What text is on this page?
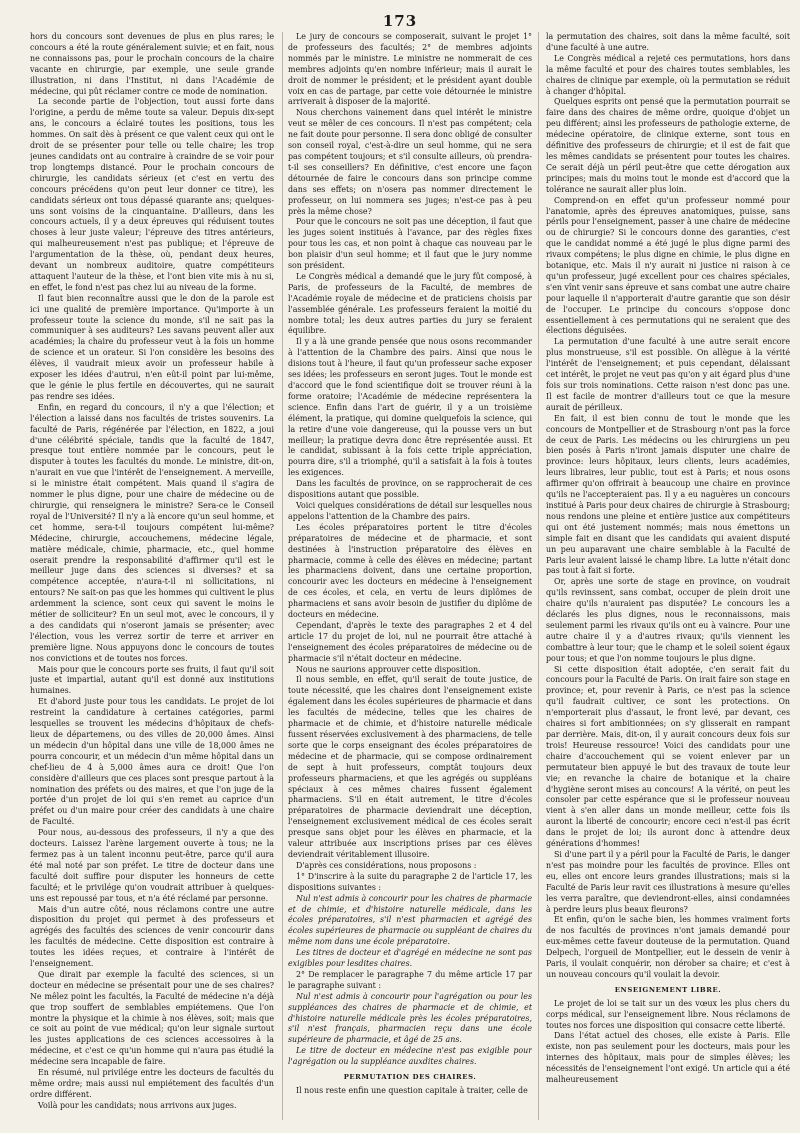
173

hors du concours sont devenues de plus en plus rares; le concours a été la route généralement suivie; et en fait, nous ne connaissons pas, pour le prochain concours de la chaire vacante en chirurgie, par exemple, une seule grande illustration, ni dans l'Institut, ni dans l'Académie de médecine, qui pût réclamer contre ce mode de nomination.

La seconde partie de l'objection, tout aussi forte dans l'origine, a perdu de même toute sa valeur. Depuis dix-sept ans, le concours a éclairé toutes les positions, tous les hommes. On sait dès à présent ce que valent ceux qui ont le droit de se présenter pour telle ou telle chaire; les trop jeunes candidats ont au contraire à craindre de se voir pour trop longtemps distancé. Pour le prochain concours de chirurgie, les candidats sérieux (et c'est en vertu des concours précédens qu'on peut leur donner ce titre), les candidats sérieux ont tous dépassé quarante ans; quelques-uns sont voisins de la cinquantaine. D'ailleurs, dans les concours actuels, il y a deux épreuves qui réduisent toutes choses à leur juste valeur; l'épreuve des titres antérieurs, qui malheureusement n'est pas publique; et l'épreuve de l'argumentation de la thèse, où, pendant deux heures, devant un nombreux auditoire, quatre compétiteurs attaquent l'auteur de la thèse, et l'ont bien vite mis à nu si, en effet, le fond n'est pas chez lui au niveau de la forme.

Il faut bien reconnaître aussi que le don de la parole est ici une qualité de première importance. Qu'importe à un professeur toute la science du monde, s'il ne sait pas la communiquer à ses auditeurs? Les savans peuvent aller aux académies; la chaire du professeur veut à la fois un homme de science et un orateur. Si l'on considère les besoins des élèves, il vaudrait mieux avoir un professeur habile à exposer les idées d'autrui, n'en eût-il point par lui-même, que le génie le plus fertile en découvertes, qui ne saurait pas rendre ses idées.

Enfin, en regard du concours, il n'y a que l'élection; et l'élection a laissé dans nos facultés de tristes souvenirs. La faculté de Paris, régénérée par l'élection, en 1822, a joui d'une célébrité spéciale, tandis que la faculté de 1847, presque tout entière nommée par le concours, peut le disputer à toutes les facultés du monde. Le ministre, dit-on, n'aurait en vue que l'intérêt de l'enseignement. A merveille, si le ministre était compétent. Mais quand il s'agira de nommer le plus digne, pour une chaire de médecine ou de chirurgie, qui renseignera le ministre? Sera-ce le Conseil royal de l'Université? Il n'y a là encore qu'un seul homme, et cet homme, sera-t-il toujours compétent lui-même? Médecine, chirurgie, accouchemens, médecine légale, matière médicale, chimie, pharmacie, etc., quel homme oserait prendre la responsabilité d'affirmer qu'il est le meilleur juge dans des sciences si diverses? et sa compétence acceptée, n'aura-t-il ni sollicitations, ni entours? Ne sait-on pas que les hommes qui cultivent le plus ardemment la science, sont ceux qui savent le moins le métier de solliciteur? En un seul mot, avec le concours, il y a des candidats qui n'oseront jamais se présenter; avec l'élection, vous les verrez sortir de terre et arriver en première ligne. Nous appuyons donc le concours de toutes nos convictions et de toutes nos forces.

Mais pour que le concours porte ses fruits, il faut qu'il soit juste et impartial, autant qu'il est donné aux institutions humaines.

Et d'abord juste pour tous les candidats. Le projet de loi restreint la candidature à certaines catégories, parmi lesquelles se trouvent les médecins d'hôpitaux de chefs-lieux de départemens, ou des villes de 20,000 âmes. Ainsi un médecin d'un hôpital dans une ville de 18,000 âmes ne pourra concourir, et un médecin d'un même hôpital dans un chef-lieu de 4 à 5,000 âmes aura ce droit! Que l'on considère d'ailleurs que ces places sont presque partout à la nomination des préfets ou des maires, et que l'on juge de la portée d'un projet de loi qui s'en remet au caprice d'un préfet ou d'un maire pour créer des candidats à une chaire de Faculté.

Pour nous, au-dessous des professeurs, il n'y a que des docteurs. Laissez l'arène largement ouverte à tous; ne la fermez pas à un talent inconnu peut-être, parce qu'il aura été mal noté par son préfet. Le titre de docteur dans une faculté doit suffire pour disputer les honneurs de cette faculté; et le privilége qu'on voudrait attribuer à quelques-uns est repoussé par tous, et n'a été réclamé par personne.

Mais d'un autre côté, nous réclamons contre une autre disposition du projet qui permet à des professeurs et agrégés des facultés des sciences de venir concourir dans les facultés de médecine. Cette disposition est contraire à toutes les idées reçues, et contraire à l'intérêt de l'enseignement.

Que dirait par exemple la faculté des sciences, si un docteur en médecine se présentait pour une de ses chaires? Ne mêlez point les facultés, la Faculté de médecine n'a déjà que trop souffert de semblables empiétemens. Que l'on montre la physique et la chimie à nos élèves, soit; mais que ce soit au point de vue médical; qu'on leur signale surtout les justes applications de ces sciences accessoires à la médecine, et c'est ce qu'un homme qui n'aura pas étudié la médecine sera incapable de faire.

En résumé, nul privilége entre les docteurs de facultés du même ordre; mais aussi nul empiétement des facultés d'un ordre différent.

Voilà pour les candidats; nous arrivons aux juges.

Le jury de concours se composerait, suivant le projet 1° de professeurs des facultés; 2° de membres adjoints nommés par le ministre. Le ministre ne nommerait de ces membres adjoints qu'en nombre inférieur; mais il aurait le droit de nommer le président; et le président ayant double voix en cas de partage, par cette voie détournée le ministre arriverait à disposer de la majorité.

Nous cherchons vainement dans quel intérêt le ministre veut se mêler de ces concours. Il n'est pas compétent; cela ne fait doute pour personne. Il sera donc obligé de consulter son conseil royal, c'est-à-dire un seul homme, qui ne sera pas compétent toujours; et s'il consulte ailleurs, où prendra-t-il ses conseillers? En définitive, c'est encore une façon détournée de faire le concours dans son principe comme dans ses effets; on n'osera pas nommer directement le professeur, on lui nommera ses juges; n'est-ce pas à peu près la même chose?

Pour que le concours ne soit pas une déception, il faut que les juges soient institués à l'avance, par des règles fixes pour tous les cas, et non point à chaque cas nouveau par le bon plaisir d'un seul homme; et il faut que le jury nomme son président.

Le Congrès médical a demandé que le jury fût composé, à Paris, de professeurs de la Faculté, de membres de l'Académie royale de médecine et de praticiens choisis par l'assemblée générale. Les professeurs feraient la moitié du nombre total; les deux autres parties du jury se feraient équilibre.

Il y a là une grande pensée que nous osons recommander à l'attention de la Chambre des pairs. Ainsi que nous le disions tout à l'heure, il faut qu'un professeur sache exposer ses idées; les professeurs en seront juges. Tout le monde est d'accord que le fond scientifique doit se trouver réuni à la forme oratoire; l'Académie de médecine représentera la science. Enfin dans l'art de guérir, il y a un troisième élément, la pratique, qui domine quelquefois la science, qui la retire d'une voie dangereuse, qui la pousse vers un but meilleur; la pratique devra donc être représentée aussi. Et le candidat, subissant à la fois cette triple appréciation, pourra dire, s'il a triomphé, qu'il a satisfait à la fois à toutes les exigences.

Dans les facultés de province, on se rapprocherait de ces dispositions autant que possible.

Voici quelques considérations de détail sur lesquelles nous appelons l'attention de la Chambre des pairs.

Les écoles préparatoires portent le titre d'écoles préparatoires de médecine et de pharmacie, et sont destinées à l'instruction préparatoire des élèves en pharmacie, comme à celle des élèves en médecine; partant les pharmaciens doivent, dans une certaine proportion, concourir avec les docteurs en médecine à l'enseignement de ces écoles, et cela, en vertu de leurs diplômes de pharmaciens et sans avoir besoin de justifier du diplôme de docteurs en médecine.

Cependant, d'après le texte des paragraphes 2 et 4 del article 17 du projet de loi, nul ne pourrait être attaché à l'enseignement des écoles préparatoires de médecine ou de pharmacie s'il n'était docteur en médecine.

Nous ne saurions approuver cette disposition.

Il nous semble, en effet, qu'il serait de toute justice, de toute nécessité, que les chaires dont l'enseignement existe également dans les écoles supérieures de pharmacie et dans les facultés de médecine, telles que les chaires de pharmacie et de chimie, et d'histoire naturelle médicale fussent réservées exclusivement à des pharmaciens, de telle sorte que le corps enseignant des écoles préparatoires de médecine et de pharmacie, qui se compose ordinairement de sept à huit professeurs, comptât toujours deux professeurs pharmaciens, et que les agrégés ou suppléans spéciaux à ces mêmes chaires fussent également pharmaciens. S'il en était autrement, le titre d'écoles préparatoires de pharmacie deviendrait une déception, l'enseignement exclusivement médical de ces écoles serait presque sans objet pour les élèves en pharmacie, et la valeur attribuée aux inscriptions prises par ces élèves deviendrait véritablement illusoire.

D'après ces considérations, nous proposons :

1° D'inscrire à la suite du paragraphe 2 de l'article 17, les dispositions suivantes :

Nul n'est admis à concourir pour les chaires de pharmacie et de chimie, et d'histoire naturelle médicale, dans les écoles préparatoires, s'il n'est pharmacien et agrégé des écoles supérieures de pharmacie ou suppléant de chaires du même nom dans une école préparatoire.

Les titres de docteur et d'agrégé en médecine ne sont pas exigibles pour lesdites chaires.

2° De remplacer le paragraphe 7 du même article 17 par le paragraphe suivant :

Nul n'est admis à concourir pour l'agrégation ou pour les suppléances des chaires de pharmacie et de chimie, et d'histoire naturelle médicale près les écoles préparatoires, s'il n'est français, pharmacien reçu dans une école supérieure de pharmacie, et âgé de 25 ans.

Le titre de docteur en médecine n'est pas exigible pour l'agrégation ou la suppléance auxdites chaires.

PERMUTATION DES CHAIRES.

Il nous reste enfin une question capitale à traiter, celle de

la permutation des chaires, soit dans la même faculté, soit d'une faculté à une autre.

Le Congrès médical a rejeté ces permutations, hors dans la même faculté et pour des chaires toutes semblables, les chaires de clinique par exemple, où la permutation se réduit à changer d'hôpital.

Quelques esprits ont pensé que la permutation pourrait se faire dans des chaires de même ordre, quoique d'objet un peu différent; ainsi les professeurs de pathologie externe, de médecine opératoire, de clinique externe, sont tous en définitive des professeurs de chirurgie; et il est de fait que les mêmes candidats se présentent pour toutes les chaires. Ce serait déjà un péril peut-être que cette dérogation aux principes; mais du moins tout le monde est d'accord que la tolérance ne saurait aller plus loin.

Comprend-on en effet qu'un professeur nommé pour l'anatomie, après des épreuves anatomiques, puisse, sans périls pour l'enseignement, passer à une chaire de médecine ou de chirurgie? Si le concours donne des garanties, c'est que le candidat nommé a été jugé le plus digne parmi des rivaux compétens; le plus digne en chimie, le plus digne en botanique, etc. Mais il n'y aurait ni justice ni raison à ce qu'un professeur, jugé excellent pour ces chaires spéciales, s'en vînt venir sans épreuve et sans combat une autre chaire pour laquelle il n'apporterait d'autre garantie que son désir de l'occuper. Le principe du concours s'oppose donc essentiellement à ces permutations qui ne seraient que des élections déguisées.

La permutation d'une faculté à une autre serait encore plus monstrueuse, s'il est possible. On allègue à la vérité l'intérêt de l'enseignement; et puis cependant, délaissant cet intérêt, le projet ne veut pas qu'on y ait égard plus d'une fois sur trois nominations. Cette raison n'est donc pas une. Il est facile de montrer d'ailleurs tout ce que la mesure aurait de périlleux.

En fait, il est bien connu de tout le monde que les concours de Montpellier et de Strasbourg n'ont pas la force de ceux de Paris. Les médecins ou les chirurgiens un peu bien posés à Paris n'iront jamais disputer une chaire de province: leurs hôpitaux, leurs clients, leurs académies, leurs libraires, leur public, tout est à Paris; et nous osons affirmer qu'on offrirait à beaucoup une chaire en province qu'ils ne l'accepteraient pas. Il y a eu naguères un concours institué à Paris pour deux chaires de chirurgie à Strasbourg; nous rendons une pleine et entière justice aux compétiteurs qui ont été justement nommés; mais nous émettons un simple fait en disant que les candidats qui avaient disputé un peu auparavant une chaire semblable à la Faculté de Paris leur avaient laissé le champ libre. La lutte n'était donc pas tout à fait si forte.

Or, après une sorte de stage en province, on voudrait qu'ils revinssent, sans combat, occuper de plein droit une chaire qu'ils n'auraient pas disputée? Le concours les a déclarés les plus dignes, nous le reconnaissons, mais seulement parmi les rivaux qu'ils ont eu à vaincre. Pour une autre chaire il y a d'autres rivaux; qu'ils viennent les combattre à leur tour; que le champ et le soleil soient égaux pour tous; et que l'on nomme toujours le plus digne.

Si cette disposition était adoptée, c'en serait fait du concours pour la Faculté de Paris. On irait faire son stage en province; et, pour revenir à Paris, ce n'est pas la science qu'il faudrait cultiver, ce sont les protections. On n'emporterait plus d'assaut, le front levé, par devant, ces chaires si fort ambitionnées; on s'y glisserait en rampant par derrière. Mais, dit-on, il y aurait concours deux fois sur trois! Heureuse ressource! Voici des candidats pour une chaire d'accouchement qui se voient enlever par un permutateur bien appuyé le but des travaux de toute leur vie; en revanche la chaire de botanique et la chaire d'hygiène seront mises au concours! A la vérité, on peut les consoler par cette espérance que si le professeur nouveau vient à s'en aller dans un monde meilleur, cette fois ils auront la liberté de concourir; encore ceci n'est-il pas écrit dans le projet de loi; ils auront donc à attendre deux générations d'hommes!

Si d'une part il y a péril pour la Faculté de Paris, le danger n'est pas moindre pour les facultés de province. Elles ont eu, elles ont encore leurs grandes illustrations; mais si la Faculté de Paris leur ravit ces illustrations à mesure qu'elles les verra paraître, que deviendront-elles, ainsi condamnées à perdre leurs plus beaux fleurons?

Et enfin, qu'on le sache bien, les hommes vraiment forts de nos facultés de provinces n'ont jamais demandé pour eux-mêmes cette faveur douteuse de la permutation. Quand Delpech, l'orgueil de Montpellier, eut le dessein de venir à Paris, il voulait conquérir, non dérober sa chaire; et c'est à un nouveau concours qu'il voulait la devoir.

ENSEIGNEMENT LIBRE.

Le projet de loi se tait sur un des vœux les plus chers du corps médical, sur l'enseignement libre. Nous réclamons de toutes nos forces une disposition qui consacre cette liberté.

Dans l'état actuel des choses, elle existe à Paris. Elle existe, non pas seulement pour les docteurs, mais pour les internes des hôpitaux, mais pour de simples élèves; les nécessités de l'enseignement l'ont exigé. Un article qui a été malheureusement
